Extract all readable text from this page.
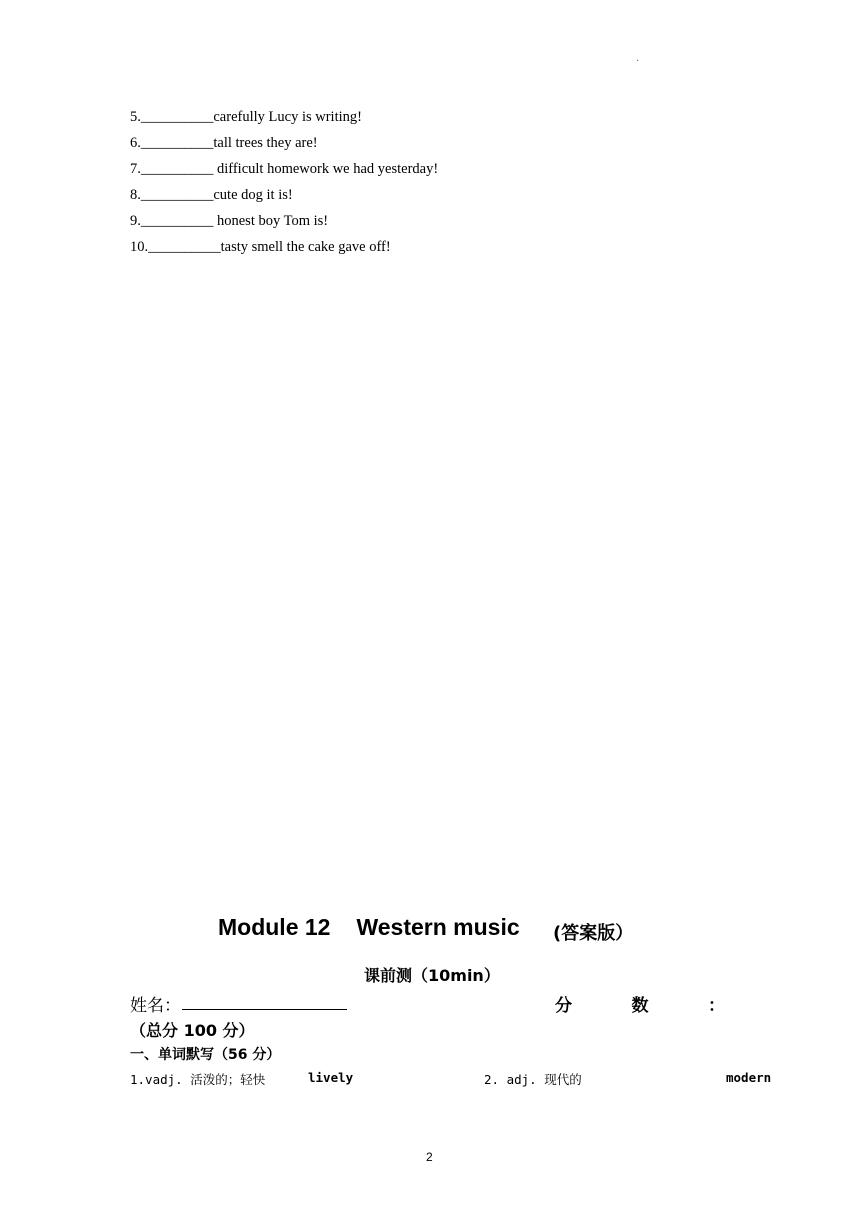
·
5.__________carefully Lucy is writing!
6.__________tall trees they are!
7.__________ difficult homework we had yesterday!
8.__________cute dog it is!
9.__________ honest boy Tom is!
10.__________tasty smell the cake gave off!
Module 12 Western music (答案版）
课前测（10min）
姓名：	分	数	：
（总分 100 分）
一、单词默写（56 分）
1.vadj. 活泼的；轻快	lively	2. adj. 现代的	modern
2
